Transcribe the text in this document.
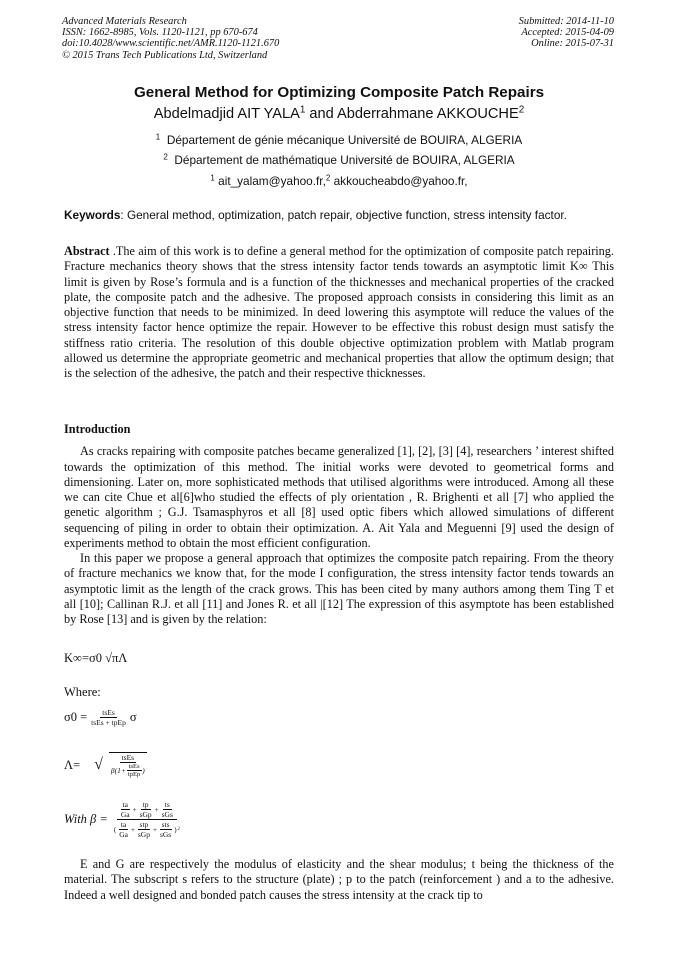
Advanced Materials Research
ISSN: 1662-8985, Vols. 1120-1121, pp 670-674
doi:10.4028/www.scientific.net/AMR.1120-1121.670
© 2015 Trans Tech Publications Ltd, Switzerland
Submitted: 2014-11-10
Accepted: 2015-04-09
Online: 2015-07-31
General Method for Optimizing Composite Patch Repairs
Abdelmadjid AIT YALA$^1$ and Abderrahmane AKKOUCHE$^2$
$^1$ Département de génie mécanique Université de BOUIRA, ALGERIA
$^2$ Département de mathématique Université de BOUIRA, ALGERIA
$^1$ ait_yalam@yahoo.fr,$^2$ akkoucheabdo@yahoo.fr,
Keywords: General method, optimization, patch repair, objective function, stress intensity factor.

Abstract .The aim of this work is to define a general method for the optimization of composite patch repairing. Fracture mechanics theory shows that the stress intensity factor tends towards an asymptotic limit K∞ This limit is given by Rose’s formula and is a function of the thicknesses and mechanical properties of the cracked plate, the composite patch and the adhesive. The proposed approach consists in considering this limit as an objective function that needs to be minimized. In deed lowering this asymptote will reduce the values of the stress intensity factor hence optimize the repair. However to be effective this robust design must satisfy the stiffness ratio criteria. The resolution of this double objective optimization problem with Matlab program allowed us determine the appropriate geometric and mechanical properties that allow the optimum design; that is the selection of the adhesive, the patch and their respective thicknesses.

Introduction

As cracks repairing with composite patches became generalized [1], [2], [3] [4], researchers ’ interest shifted towards the optimization of this method. The initial works were devoted to geometrical forms and dimensioning. Later on, more sophisticated methods that utilised algorithms were introduced. Among all these we can cite Chue et al[6]who studied the effects of ply orientation , R. Brighenti et all [7] who applied the genetic algorithm ; G.J. Tsamasphyros et all [8] used optic fibers which allowed simulations of different sequencing of piling in order to obtain their optimization. A. Ait Yala and Meguenni [9] used the design of experiments method to obtain the most efficient configuration.

In this paper we propose a general approach that optimizes the composite patch repairing. From the theory of fracture mechanics we know that, for the mode I configuration, the stress intensity factor tends towards an asymptotic limit as the length of the crack grows. This has been cited by many authors among them Ting T et all [10]; Callinan R.J. et all [11] and Jones R. et all |[12] The expression of this asymptote has been established by Rose [13] and is given by the relation:

K∞=σ0 √πΛ
Where:
$\sigma 0 = \frac{\text{tsEs}}{\text{tsEs + tpEp}}$ σ
Λ= √ $\frac{\text{tsEs}}{\beta(1+ \frac{\text{tsEs}}{\text{tpEp}} )}$
With $\beta = \frac{ta}{Ga} + \frac{tp}{\text{sGp}} + \frac{ts}{\text{sGs}}$
( $\frac{ta}{Ga} + \frac{\text{stp}}{\text{sGp}} + \frac{\text{sts}}{\text{sGs}}$ ) 2

E and G are respectively the modulus of elasticity and the shear modulus; t being the thickness of the material. The subscript s refers to the structure (plate) ; p to the patch (reinforcement ) and a to the adhesive. Indeed a well designed and bonded patch causes the stress intensity at the crack tip to
